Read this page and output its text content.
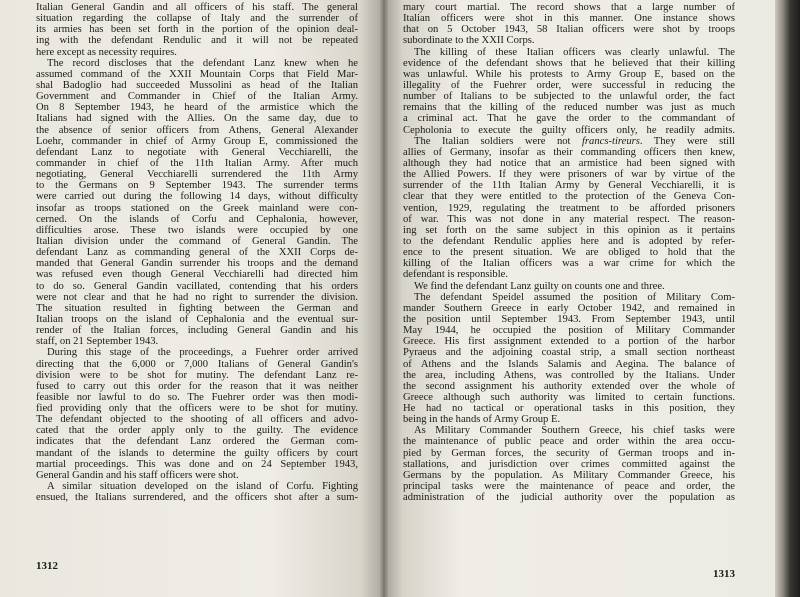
Italian General Gandin and all officers of his staff. The general
situation regarding the collapse of Italy and the surrender of
its armies has been set forth in the portion of the opinion deal-
ing with the defendant Rendulic and it will not be repeated
here except as necessity requires.
The record discloses that the defendant Lanz knew when he
assumed command of the XXII Mountain Corps that Field Mar-
shal Badoglio had succeeded Mussolini as head of the Italian
Government and Commander in Chief of the Italian Army.
On 8 September 1943, he heard of the armistice which the
Italians had signed with the Allies. On the same day, due to
the absence of senior officers from Athens, General Alexander
Loehr, commander in chief of Army Group E, commissioned the
defendant Lanz to negotiate with General Vecchiarelli, the
commander in chief of the 11th Italian Army. After much
negotiating, General Vecchiarelli surrendered the 11th Army
to the Germans on 9 September 1943. The surrender terms
were carried out during the following 14 days, without difficulty
insofar as troops stationed on the Greek mainland were con-
cerned. On the islands of Corfu and Cephalonia, however,
difficulties arose. These two islands were occupied by one
Italian division under the command of General Gandin. The
defendant Lanz as commanding general of the XXII Corps de-
manded that General Gandin surrender his troops and the demand
was refused even though General Vecchiarelli had directed him
to do so. General Gandin vacillated, contending that his orders
were not clear and that he had no right to surrender the division.
The situation resulted in fighting between the German and
Italian troops on the island of Cephalonia and the eventual sur-
render of the Italian forces, including General Gandin and his
staff, on 21 September 1943.
During this stage of the proceedings, a Fuehrer order arrived
directing that the 6,000 or 7,000 Italians of General Gandin's
division were to be shot for mutiny. The defendant Lanz re-
fused to carry out this order for the reason that it was neither
feasible nor lawful to do so. The Fuehrer order was then modi-
fied providing only that the officers were to be shot for mutiny.
The defendant objected to the shooting of all officers and advo-
cated that the order apply only to the guilty. The evidence
indicates that the defendant Lanz ordered the German com-
mandant of the islands to determine the guilty officers by court
martial proceedings. This was done and on 24 September 1943,
General Gandin and his staff officers were shot.
A similar situation developed on the island of Corfu. Fighting
ensued, the Italians surrendered, and the officers shot after a sum-
1312
mary court martial. The record shows that a large number of
Italian officers were shot in this manner. One instance shows
that on 5 October 1943, 58 Italian officers were shot by troops
subordinate to the XXII Corps.
The killing of these Italian officers was clearly unlawful. The
evidence of the defendant shows that he believed that their killing
was unlawful. While his protests to Army Group E, based on the
illegality of the Fuehrer order, were successful in reducing the
number of Italians to be subjected to the unlawful order, the fact
remains that the killing of the reduced number was just as much
a criminal act. That he gave the order to the commandant of
Cepholonia to execute the guilty officers only, he readily admits.
The Italian soldiers were not francs-tireurs. They were still
allies of Germany, insofar as their commanding officers then knew,
although they had notice that an armistice had been signed with
the Allied Powers. If they were prisoners of war by virtue of the
surrender of the 11th Italian Army by General Vecchiarelli, it is
clear that they were entitled to the protection of the Geneva Con-
vention, 1929, regulating the treatment to be afforded prisoners
of war. This was not done in any material respect. The reason-
ing set forth on the same subject in this opinion as it pertains
to the defendant Rendulic applies here and is adopted by refer-
ence to the present situation. We are obliged to hold that the
killing of the Italian officers was a war crime for which the
defendant is responsible.
We find the defendant Lanz guilty on counts one and three.
The defendant Speidel assumed the position of Military Com-
mander Southern Greece in early October 1942, and remained in
the position until September 1943. From September 1943, until
May 1944, he occupied the position of Military Commander
Greece. His first assignment extended to a portion of the harbor
Pyraeus and the adjoining coastal strip, a small section northeast
of Athens and the Islands Salamis and Aegina. The balance of
the area, including Athens, was controlled by the Italians. Under
the second assignment his authority extended over the whole of
Greece although such authority was limited to certain functions.
He had no tactical or operational tasks in this position, they
being in the hands of Army Group E.
As Military Commander Southern Greece, his chief tasks were
the maintenance of public peace and order within the area occu-
pied by German forces, the security of German troops and in-
stallations, and jurisdiction over crimes committed against the
Germans by the population. As Military Commander Greece, his
principal tasks were the maintenance of peace and order, the
administration of the judicial authority over the population as
1313
